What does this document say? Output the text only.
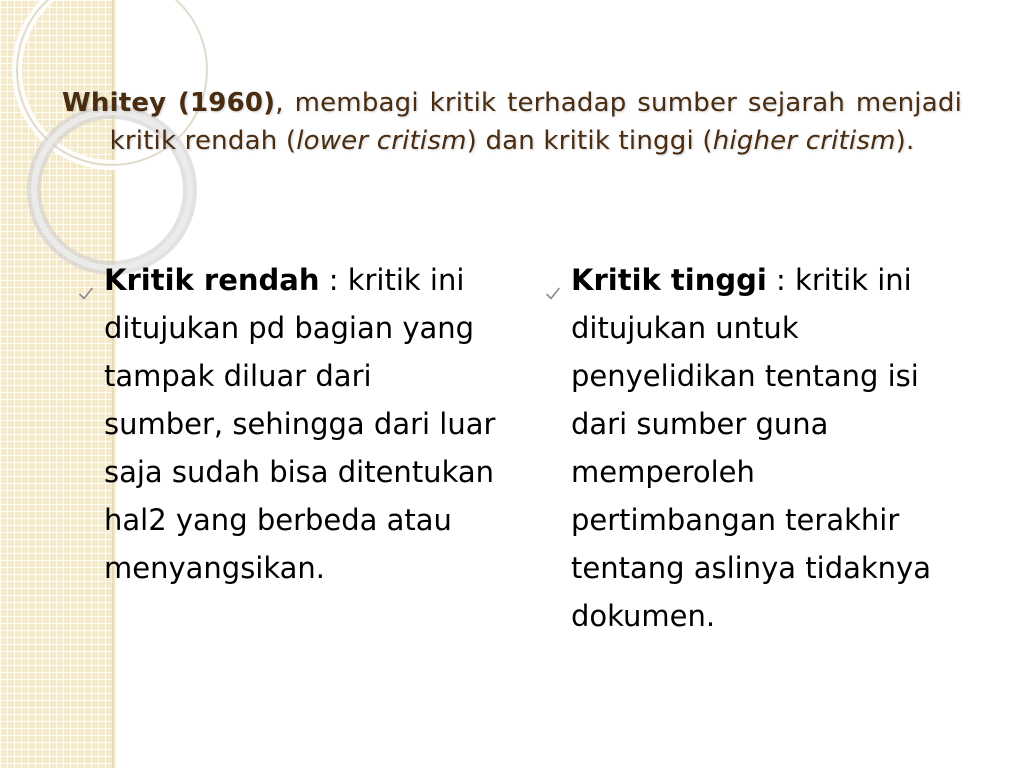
Whitey (1960), membagi kritik terhadap sumber sejarah menjadi kritik rendah (lower critism) dan kritik tinggi (higher critism).
Kritik rendah : kritik ini ditujukan pd bagian yang tampak diluar dari sumber, sehingga dari luar saja sudah bisa ditentukan hal2 yang berbeda atau menyangsikan.
Kritik tinggi : kritik ini ditujukan untuk penyelidikan tentang isi dari sumber guna memperoleh pertimbangan terakhir tentang aslinya tidaknya dokumen.
